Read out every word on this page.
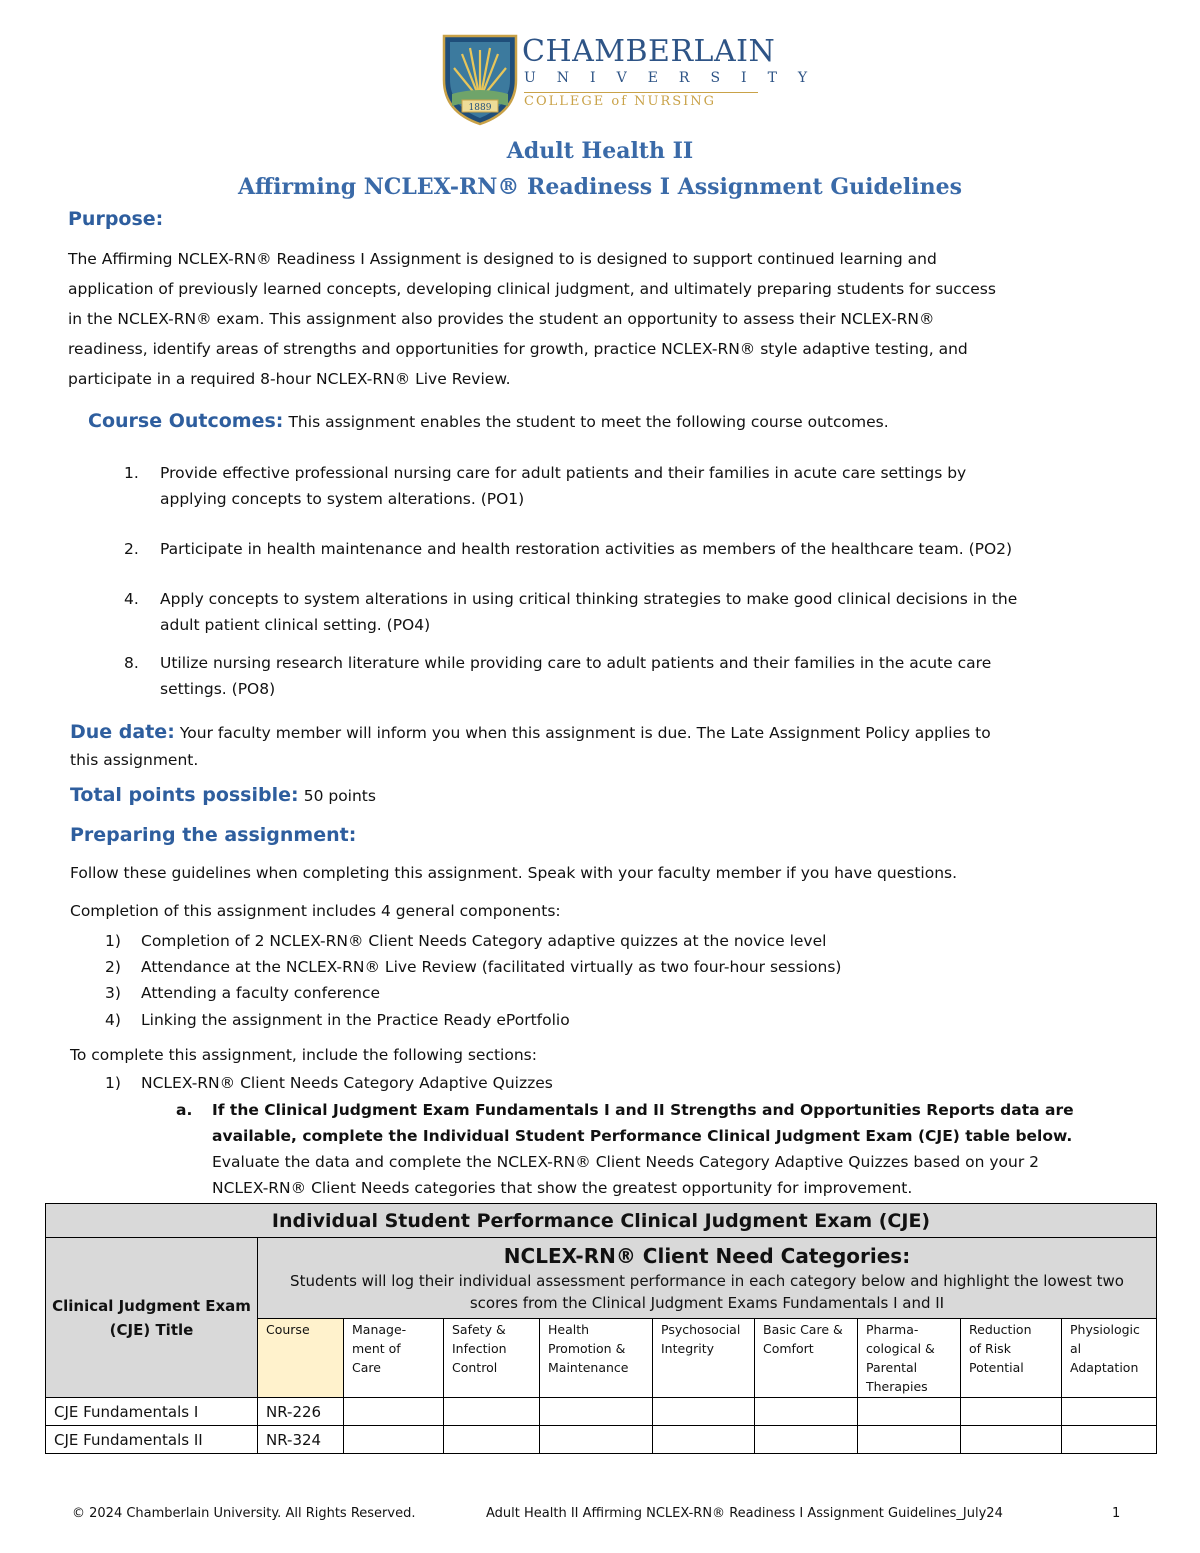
1889
CHAMBERLAIN
UNIVERSITY
COLLEGE of NURSING
Adult Health II
Affirming NCLEX-RN® Readiness I Assignment Guidelines
Purpose:
The Affirming NCLEX-RN® Readiness I Assignment is designed to is designed to support continued learning and
application of previously learned concepts, developing clinical judgment, and ultimately preparing students for success
in the NCLEX-RN® exam. This assignment also provides the student an opportunity to assess their NCLEX-RN®
readiness, identify areas of strengths and opportunities for growth, practice NCLEX-RN® style adaptive testing, and
participate in a required 8-hour NCLEX-RN® Live Review.
Course Outcomes: This assignment enables the student to meet the following course outcomes.
1.	Provide effective professional nursing care for adult patients and their families in acute care settings by
applying concepts to system alterations. (PO1)
2.	Participate in health maintenance and health restoration activities as members of the healthcare team. (PO2)
4.	Apply concepts to system alterations in using critical thinking strategies to make good clinical decisions in the
adult patient clinical setting. (PO4)
8.	Utilize nursing research literature while providing care to adult patients and their families in the acute care
settings. (PO8)
Due date: Your faculty member will inform you when this assignment is due. The Late Assignment Policy applies to
this assignment.
Total points possible: 50 points
Preparing the assignment:
Follow these guidelines when completing this assignment. Speak with your faculty member if you have questions.
Completion of this assignment includes 4 general components:
1)	Completion of 2 NCLEX-RN® Client Needs Category adaptive quizzes at the novice level
2)	Attendance at the NCLEX-RN® Live Review (facilitated virtually as two four-hour sessions)
3)	Attending a faculty conference
4)	Linking the assignment in the Practice Ready ePortfolio
To complete this assignment, include the following sections:
1)	NCLEX-RN® Client Needs Category Adaptive Quizzes
a.	If the Clinical Judgment Exam Fundamentals I and II Strengths and Opportunities Reports data are
available, complete the Individual Student Performance Clinical Judgment Exam (CJE) table below.
Evaluate the data and complete the NCLEX-RN® Client Needs Category Adaptive Quizzes based on your 2
NCLEX-RN® Client Needs categories that show the greatest opportunity for improvement.
Individual Student Performance Clinical Judgment Exam (CJE)									
Clinical Judgment Exam (CJE) Title	NCLEX-RN® Client Need Categories:
Students will log their individual assessment performance in each category below and highlight the lowest two scores from the Clinical Judgment Exams Fundamentals I and II								

	Course	Manage-
ment of
Care	Safety &
Infection
Control	Health
Promotion &
Maintenance	Psychosocial
Integrity	Basic Care &
Comfort	Pharma-
cological &
Parental
Therapies	Reduction
of Risk
Potential	Physiologic
al
Adaptation
CJE Fundamentals I	NR-226								
CJE Fundamentals II	NR-324								
© 2024 Chamberlain University. All Rights Reserved.	Adult Health II Affirming NCLEX-RN® Readiness I Assignment Guidelines_July24	1
